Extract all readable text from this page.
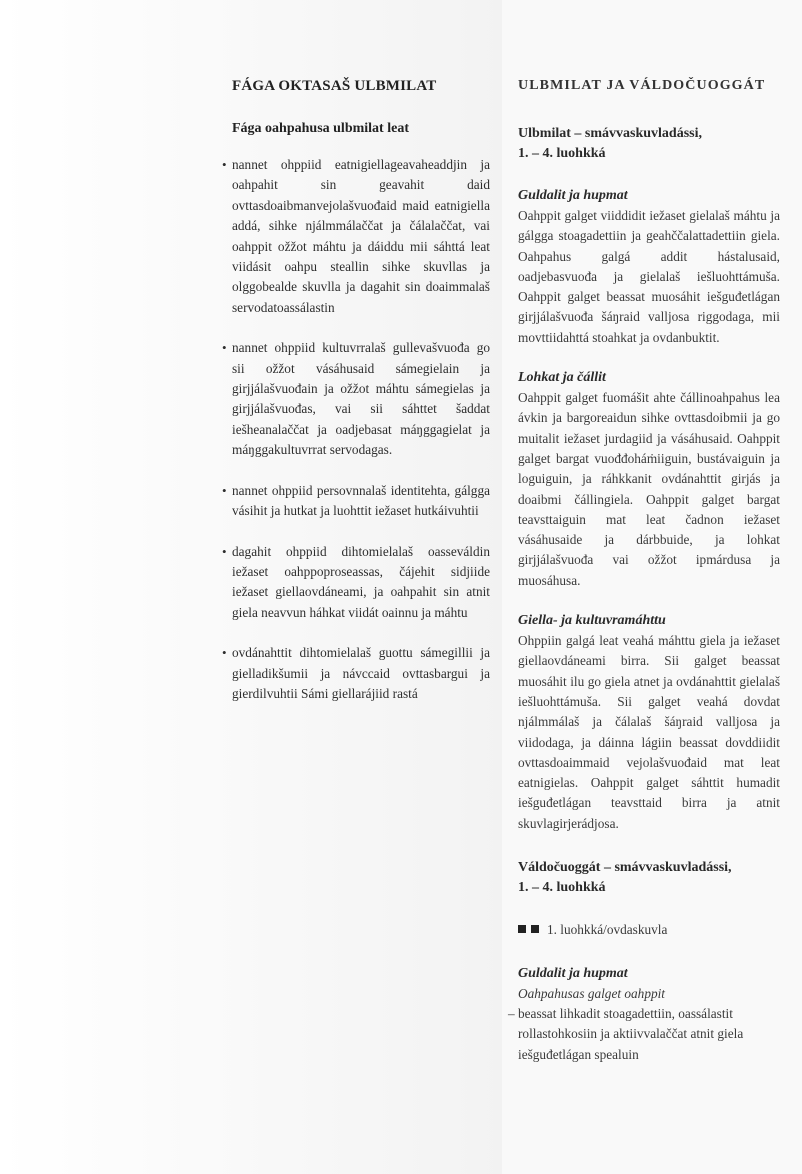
FÁGA OKTASAŠ ULBMILAT
Fága oahpahusa ulbmilat leat
• nannet ohppiid eatnigiellageavaheaddjin ja oahpahit sin geavahit daid ovttasdoaibmanvejolašvuođaid maid eatnigiella addá, sihke njálmmálaččat ja čálalaččat, vai oahppit ožžot máhtu ja dáiddu mii sáhttá leat viidásit oahpu steallin sihke skuvllas ja olggobealde skuvlla ja dagahit sin doaimmalaš servodatoassálastin
• nannet ohppiid kultuvrralaš gullevašvuođa go sii ožžot vásáhusaid sámegielain ja girjjálašvuođain ja ožžot máhtu sámegielas ja girjjálašvuođas, vai sii sáhttet šaddat iešheanalaččat ja oadjebasat máŋggagielat ja máŋggakultuvrrat servodagas.
• nannet ohppiid persovnnalaš identitehta, gálgga vásihit ja hutkat ja luohttit iežaset hutkáivuhtii
• dagahit ohppiid dihtomielalaš oasseváldin iežaset oahppoproseassas, čájehit sidjiide iežaset giellaovdáneami, ja oahpahit sin atnit giela neavvun háhkat viidát oainnu ja máhtu
• ovdánahttit dihtomielalaš guottu sámegillii ja gielladikšumii ja návccaid ovttasbargui ja gierdilvuhtii Sámi giellarájiid rastá
ULBMILAT JA VÁLDOČUOGGÁT
Ulbmilat – smávvaskuvladássi,
1. – 4. luohkká
Guldalit ja hupmat

Oahppit galget viiddidit iežaset gielalaš máhtu ja gálgga stoagadettiin ja geahččalattadettiin giela. Oahpahus galgá addit hástalusaid, oadjebasvuođa ja gielalaš iešluohttámuša. Oahppit galget beassat muosáhit iešguđetlágan girjjálašvuođa šáŋraid valljosa riggodaga, mii movttiidahttá stoahkat ja ovdanbuktit.

Lohkat ja čállit

Oahppit galget fuomášit ahte čállinoahpahus lea ávkin ja bargoreaidun sihke ovttasdoibmii ja go muitalit iežaset jurdagiid ja vásáhusaid. Oahppit galget bargat vuođđoháṁiiguin, bustávaiguin ja loguiguin, ja ráhkkanit ovdánahttit girjás ja doaibmi čállingiela. Oahppit galget bargat teavsttaiguin mat leat čadnon iežaset vásáhusaide ja dárbbuide, ja lohkat girjjálašvuođa vai ožžot ipmárdusa ja muosáhusa.

Giella- ja kultuvramáhttu

Ohppiin galgá leat veahá máhttu giela ja iežaset giellaovdáneami birra. Sii galget beassat muosáhit ilu go giela atnet ja ovdánahttit gielalaš iešluohttámuša. Sii galget veahá dovdat njálmmálaš ja čálalaš šáŋraid valljosa ja viidodaga, ja dáinna lágiin beassat dovddiidit ovttasdoaimmaid vejolašvuođaid mat leat eatnigielas. Oahppit galget sáhttit humadit iešguđetlágan teavsttaid birra ja atnit skuvlagirjerádjosa.

Váldočuoggát – smávvaskuvladássi,
1. – 4. luohkká
1. luohkká/ovdaskuvla
Guldalit ja hupmat

Oahpahusas galget oahppit

– beassat lihkadit stoagadettiin, oassálastit rollastohkosiin ja aktiivvalaččat atnit giela iešguđetlágan spealuin
